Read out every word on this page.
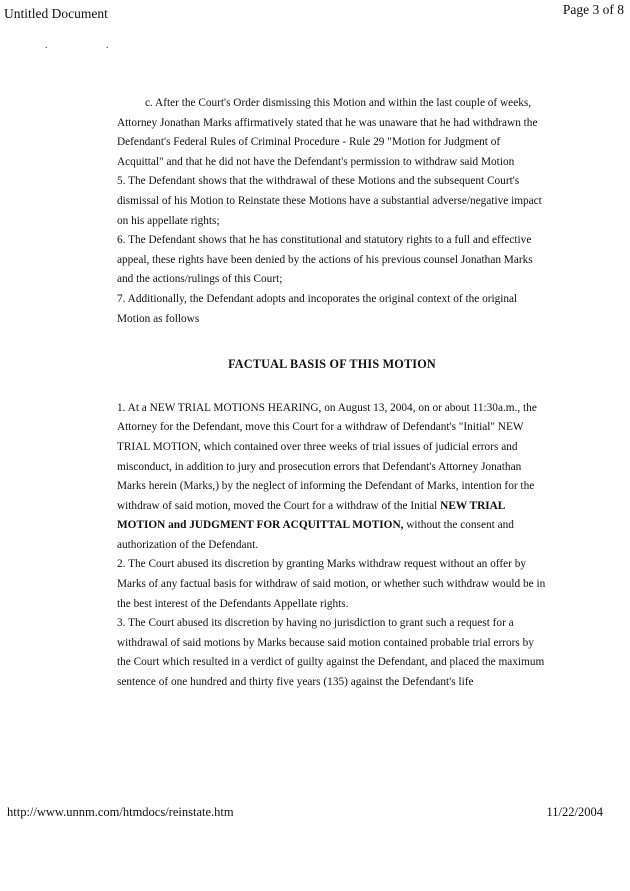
Untitled Document	Page 3 of 8
. .

c. After the Court's Order dismissing this Motion and within the last couple of weeks, Attorney Jonathan Marks affirmatively stated that he was unaware that he had withdrawn the Defendant's Federal Rules of Criminal Procedure - Rule 29 "Motion for Judgment of Acquittal" and that he did not have the Defendant's permission to withdraw said Motion

5. The Defendant shows that the withdrawal of these Motions and the subsequent Court's dismissal of his Motion to Reinstate these Motions have a substantial adverse/negative impact on his appellate rights;

6. The Defendant shows that he has constitutional and statutory rights to a full and effective appeal, these rights have been denied by the actions of his previous counsel Jonathan Marks and the actions/rulings of this Court;

7. Additionally, the Defendant adopts and incoporates the original context of the original Motion as follows

FACTUAL BASIS OF THIS MOTION

1. At a NEW TRIAL MOTIONS HEARING, on August 13, 2004, on or about 11:30a.m., the Attorney for the Defendant, move this Court for a withdraw of Defendant's "Initial" NEW TRIAL MOTION, which contained over three weeks of trial issues of judicial errors and misconduct, in addition to jury and prosecution errors that Defendant's Attorney Jonathan Marks herein (Marks,) by the neglect of informing the Defendant of Marks, intention for the withdraw of said motion, moved the Court for a withdraw of the Initial NEW TRIAL MOTION and JUDGMENT FOR ACQUITTAL MOTION, without the consent and authorization of the Defendant.

2. The Court abused its discretion by granting Marks withdraw request without an offer by Marks of any factual basis for withdraw of said motion, or whether such withdraw would be in the best interest of the Defendants Appellate rights.

3. The Court abused its discretion by having no jurisdiction to grant such a request for a withdrawal of said motions by Marks because said motion contained probable trial errors by the Court which resulted in a verdict of guilty against the Defendant, and placed the maximum sentence of one hundred and thirty five years (135) against the Defendant's life

http://www.unnm.com/htmdocs/reinstate.htm	11/22/2004
